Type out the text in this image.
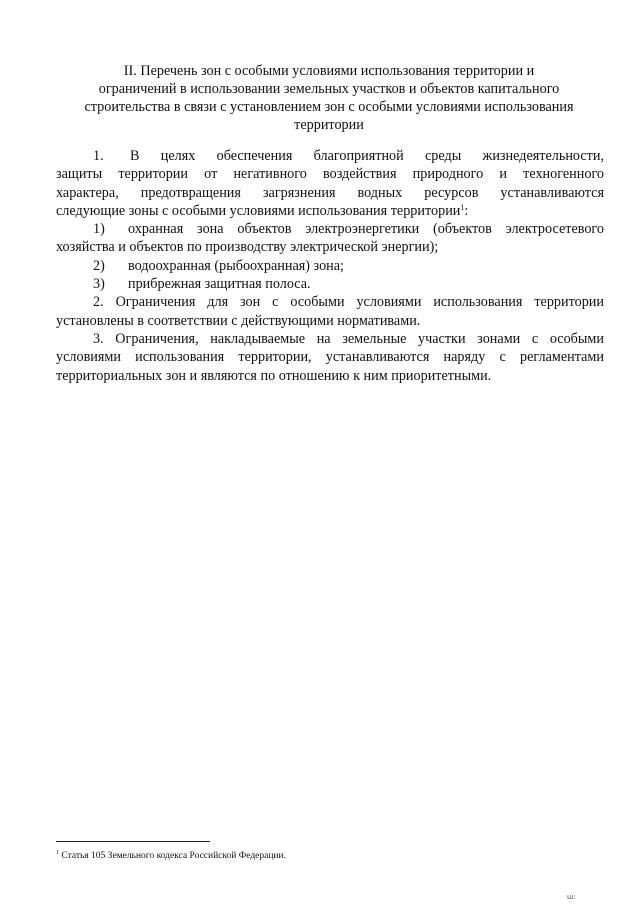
II. Перечень зон с особыми условиями использования территории и
ограничений в использовании земельных участков и объектов капитального
строительства в связи с установлением зон с особыми условиями использования
территории
1.	В целях обеспечения благоприятной среды жизнедеятельности,
защиты территории от негативного воздействия природного и техногенного
характера, предотвращения загрязнения водных ресурсов устанавливаются
следующие зоны с особыми условиями использования территории$^1$:
1)	охранная зона объектов электроэнергетики (объектов электросетевого
хозяйства и объектов по производству электрической энергии);
2)	водоохранная (рыбоохранная) зона;
3)	прибрежная защитная полоса.
2. Ограничения для зон с особыми условиями использования территории
установлены в соответствии с действующими нормативами.
3. Ограничения, накладываемые на земельные участки зонами с особыми
условиями использования территории, устанавливаются наряду с регламентами
территориальных зон и являются по отношению к ним приоритетными.
$^1$ Статья 105 Земельного кодекса Российской Федерации.
ш:
